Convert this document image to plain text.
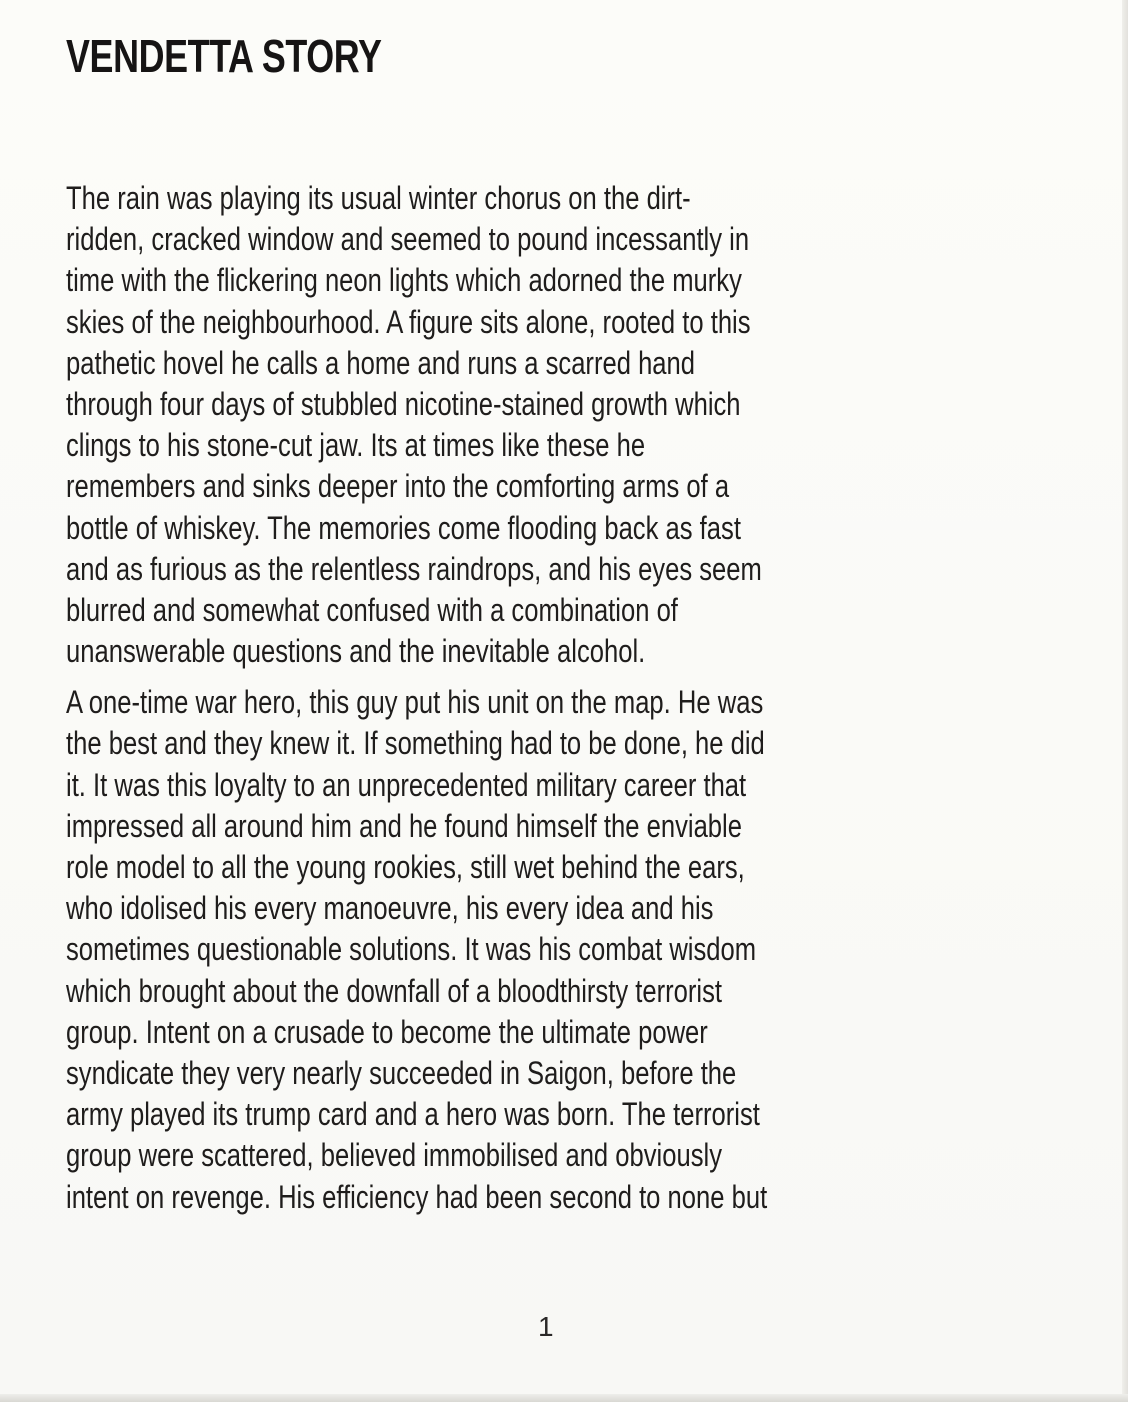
VENDETTA STORY

The rain was playing its usual winter chorus on the dirt-
ridden, cracked window and seemed to pound incessantly in
time with the flickering neon lights which adorned the murky
skies of the neighbourhood. A figure sits alone, rooted to this
pathetic hovel he calls a home and runs a scarred hand
through four days of stubbled nicotine-stained growth which
clings to his stone-cut jaw. Its at times like these he
remembers and sinks deeper into the comforting arms of a
bottle of whiskey. The memories come flooding back as fast
and as furious as the relentless raindrops, and his eyes seem
blurred and somewhat confused with a combination of
unanswerable questions and the inevitable alcohol.

A one-time war hero, this guy put his unit on the map. He was
the best and they knew it. If something had to be done, he did
it. It was this loyalty to an unprecedented military career that
impressed all around him and he found himself the enviable
role model to all the young rookies, still wet behind the ears,
who idolised his every manoeuvre, his every idea and his
sometimes questionable solutions. It was his combat wisdom
which brought about the downfall of a bloodthirsty terrorist
group. Intent on a crusade to become the ultimate power
syndicate they very nearly succeeded in Saigon, before the
army played its trump card and a hero was born. The terrorist
group were scattered, believed immobilised and obviously
intent on revenge. His efficiency had been second to none but

1
